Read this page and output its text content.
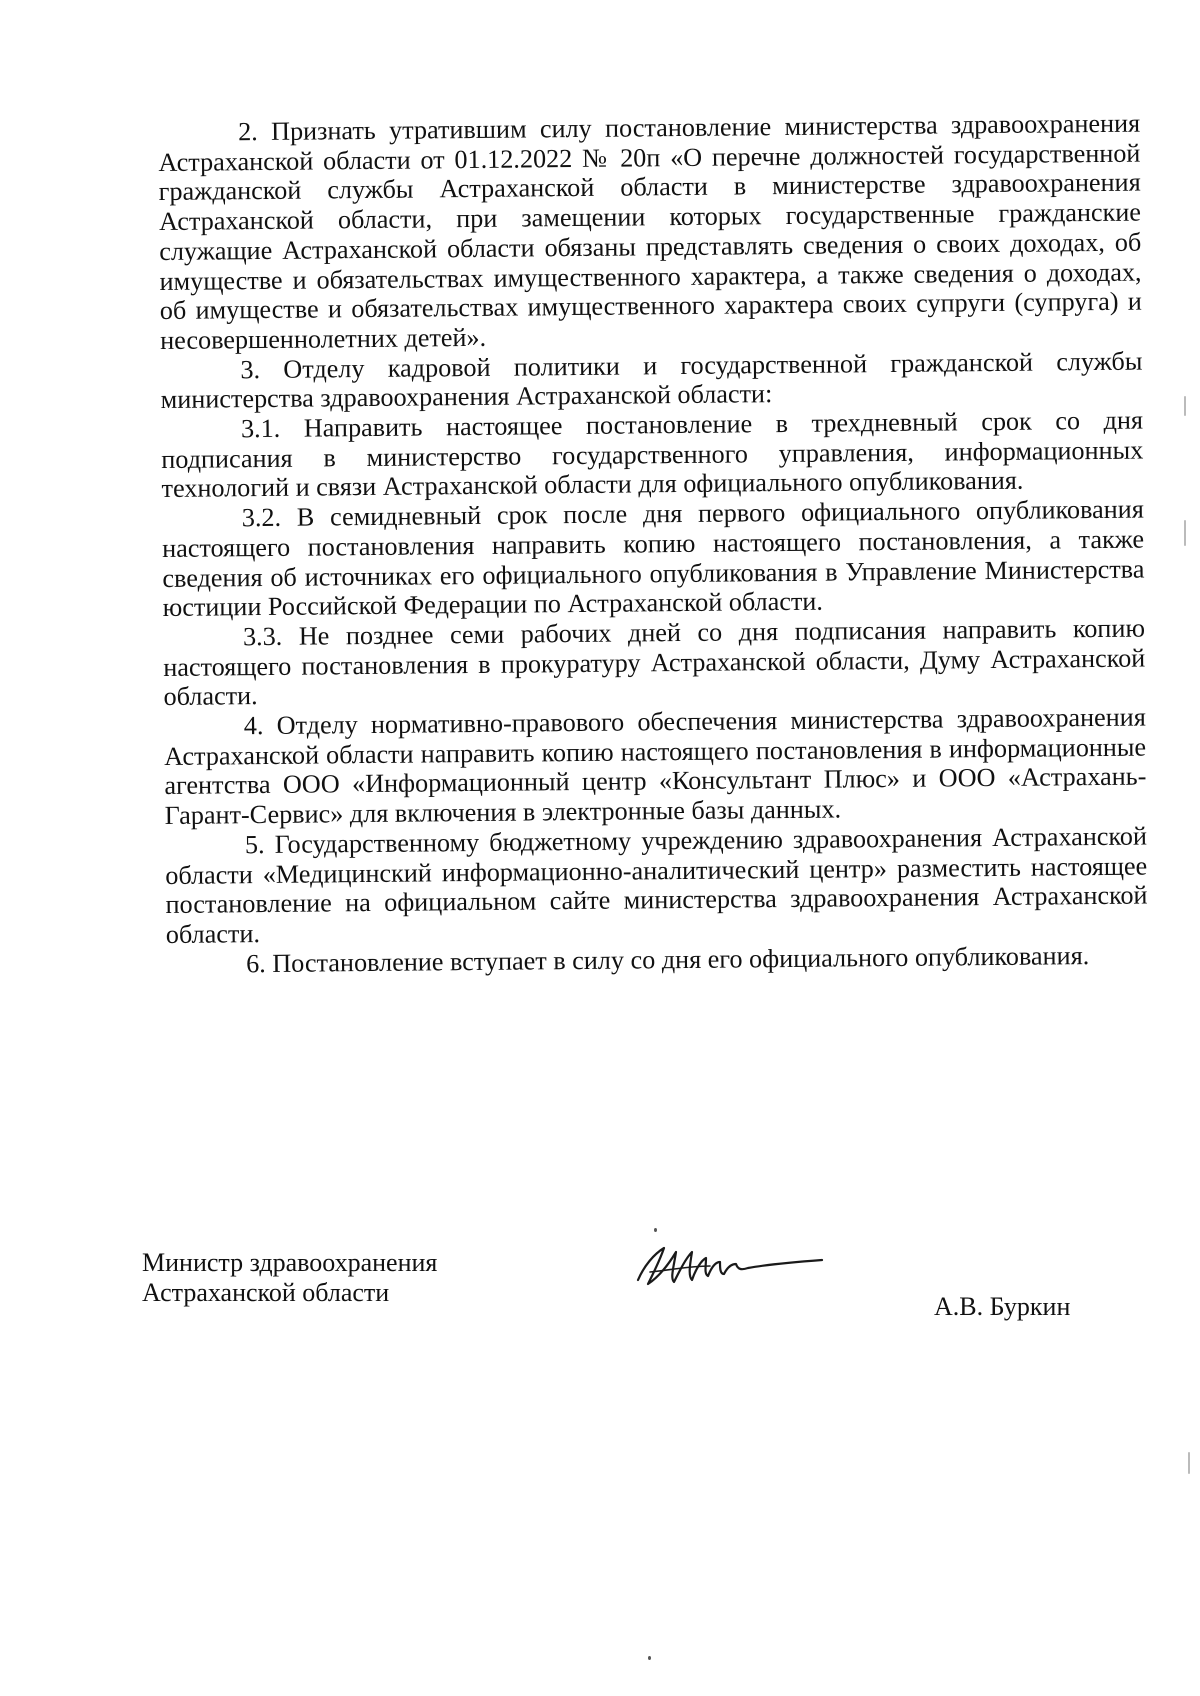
2. Признать утратившим силу постановление министерства здравоохранения Астраханской области от 01.12.2022 № 20п «О перечне должностей государственной гражданской службы Астраханской области в министерстве здравоохранения Астраханской области, при замещении которых государственные гражданские служащие Астраханской области обязаны представлять сведения о своих доходах, об имуществе и обязательствах имущественного характера, а также сведения о доходах, об имуществе и обязательствах имущественного характера своих супруги (супруга) и несовершеннолетних детей».

3. Отделу кадровой политики и государственной гражданской службы министерства здравоохранения Астраханской области:

3.1. Направить настоящее постановление в трехдневный срок со дня подписания в министерство государственного управления, информационных технологий и связи Астраханской области для официального опубликования.

3.2. В семидневный срок после дня первого официального опубликования настоящего постановления направить копию настоящего постановления, а также сведения об источниках его официального опубликования в Управление Министерства юстиции Российской Федерации по Астраханской области.

3.3. Не позднее семи рабочих дней со дня подписания направить копию настоящего постановления в прокуратуру Астраханской области, Думу Астраханской области.

4. Отделу нормативно-правового обеспечения министерства здравоохранения Астраханской области направить копию настоящего постановления в информационные агентства ООО «Информационный центр «Консультант Плюс» и ООО «Астрахань-Гарант-Сервис» для включения в электронные базы данных.

5. Государственному бюджетному учреждению здравоохранения Астраханской области «Медицинский информационно-аналитический центр» разместить настоящее постановление на официальном сайте министерства здравоохранения Астраханской области.

6. Постановление вступает в силу со дня его официального опубликования.

Министр здравоохранения
Астраханской области	А.В. Буркин
